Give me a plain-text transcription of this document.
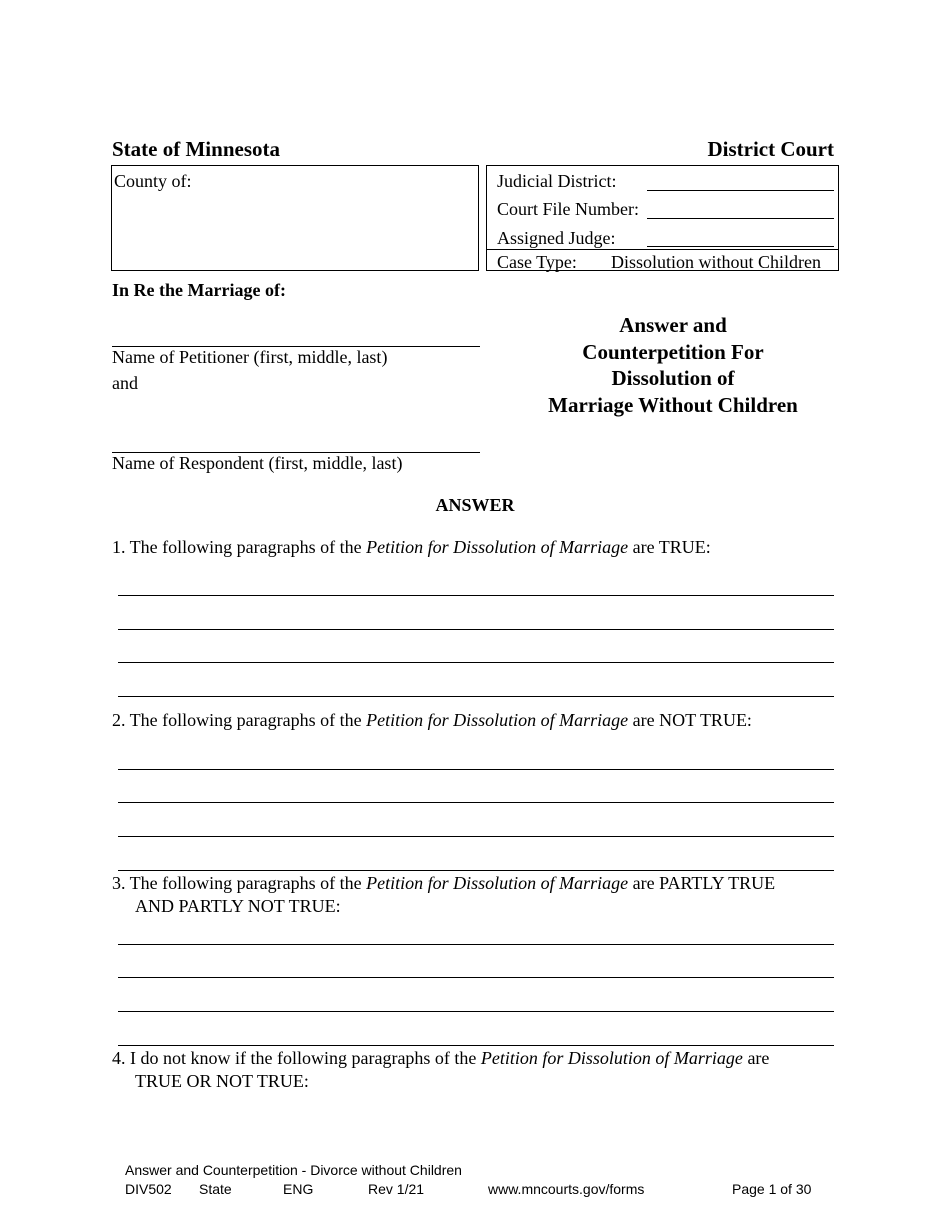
State of Minnesota	District Court
County of:	Judicial District:
Court File Number:
Assigned Judge:
Case Type: Dissolution without Children
In Re the Marriage of:
Name of Petitioner (first, middle, last)
and
Name of Respondent (first, middle, last)
Answer and
Counterpetition For
Dissolution of
Marriage Without Children
ANSWER
1. The following paragraphs of the Petition for Dissolution of Marriage are TRUE:
2. The following paragraphs of the Petition for Dissolution of Marriage are NOT TRUE:
3. The following paragraphs of the Petition for Dissolution of Marriage are PARTLY TRUE
AND PARTLY NOT TRUE:
4. I do not know if the following paragraphs of the Petition for Dissolution of Marriage are
TRUE OR NOT TRUE:
Answer and Counterpetition - Divorce without Children
DIV502 State	ENG	Rev 1/21	www.mncourts.gov/forms	Page 1 of 30
